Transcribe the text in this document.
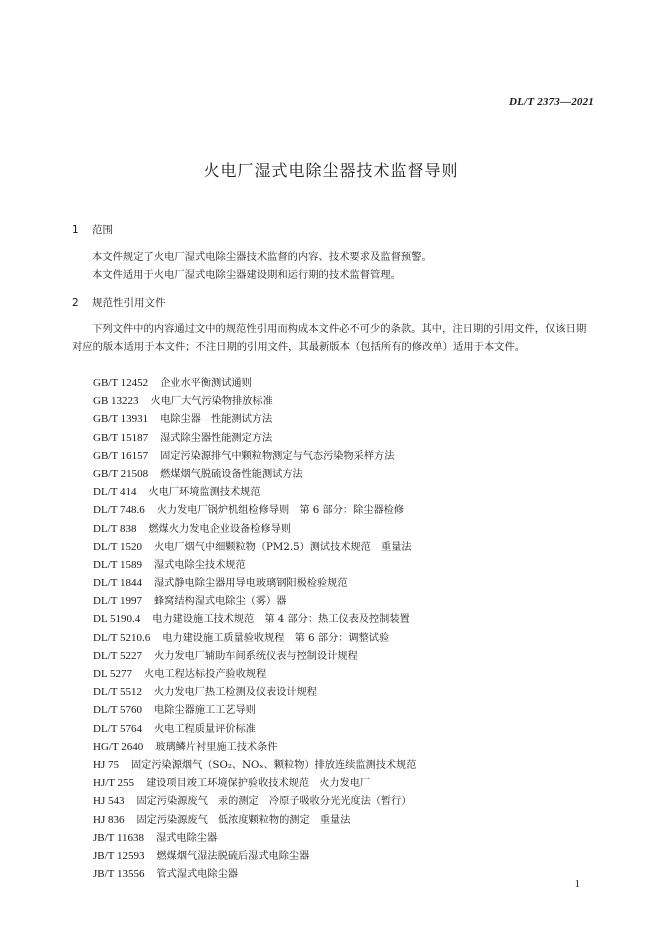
DL/T 2373—2021
火电厂湿式电除尘器技术监督导则
1 范围
本文件规定了火电厂湿式电除尘器技术监督的内容、技术要求及监督预警。
本文件适用于火电厂湿式电除尘器建设期和运行期的技术监督管理。
2 规范性引用文件
下列文件中的内容通过文中的规范性引用而构成本文件必不可少的条款。其中，注日期的引用文件，仅该日期对应的版本适用于本文件；不注日期的引用文件，其最新版本（包括所有的修改单）适用于本文件。
GB/T 12452 企业水平衡测试通则
GB 13223 火电厂大气污染物排放标准
GB/T 13931 电除尘器　性能测试方法
GB/T 15187 湿式除尘器性能测定方法
GB/T 16157 固定污染源排气中颗粒物测定与气态污染物采样方法
GB/T 21508 燃煤烟气脱硫设备性能测试方法
DL/T 414 火电厂环境监测技术规范
DL/T 748.6 火力发电厂锅炉机组检修导则　第 6 部分：除尘器检修
DL/T 838 燃煤火力发电企业设备检修导则
DL/T 1520 火电厂烟气中细颗粒物（PM2.5）测试技术规范　重量法
DL/T 1589 湿式电除尘技术规范
DL/T 1844 湿式静电除尘器用导电玻璃钢阳极检验规范
DL/T 1997 蜂窝结构湿式电除尘（雾）器
DL 5190.4 电力建设施工技术规范　第 4 部分：热工仪表及控制装置
DL/T 5210.6 电力建设施工质量验收规程　第 6 部分：调整试验
DL/T 5227 火力发电厂辅助车间系统仪表与控制设计规程
DL 5277 火电工程达标投产验收规程
DL/T 5512 火力发电厂热工检测及仪表设计规程
DL/T 5760 电除尘器施工工艺导则
DL/T 5764 火电工程质量评价标准
HG/T 2640 玻璃鳞片衬里施工技术条件
HJ 75 固定污染源烟气（SO₂、NOₓ、颗粒物）排放连续监测技术规范
HJ/T 255 建设项目竣工环境保护验收技术规范　火力发电厂
HJ 543 固定污染源废气　汞的测定　冷原子吸收分光光度法（暂行）
HJ 836 固定污染源废气　低浓度颗粒物的测定　重量法
JB/T 11638 湿式电除尘器
JB/T 12593 燃煤烟气湿法脱硫后湿式电除尘器
JB/T 13556 管式湿式电除尘器
1
